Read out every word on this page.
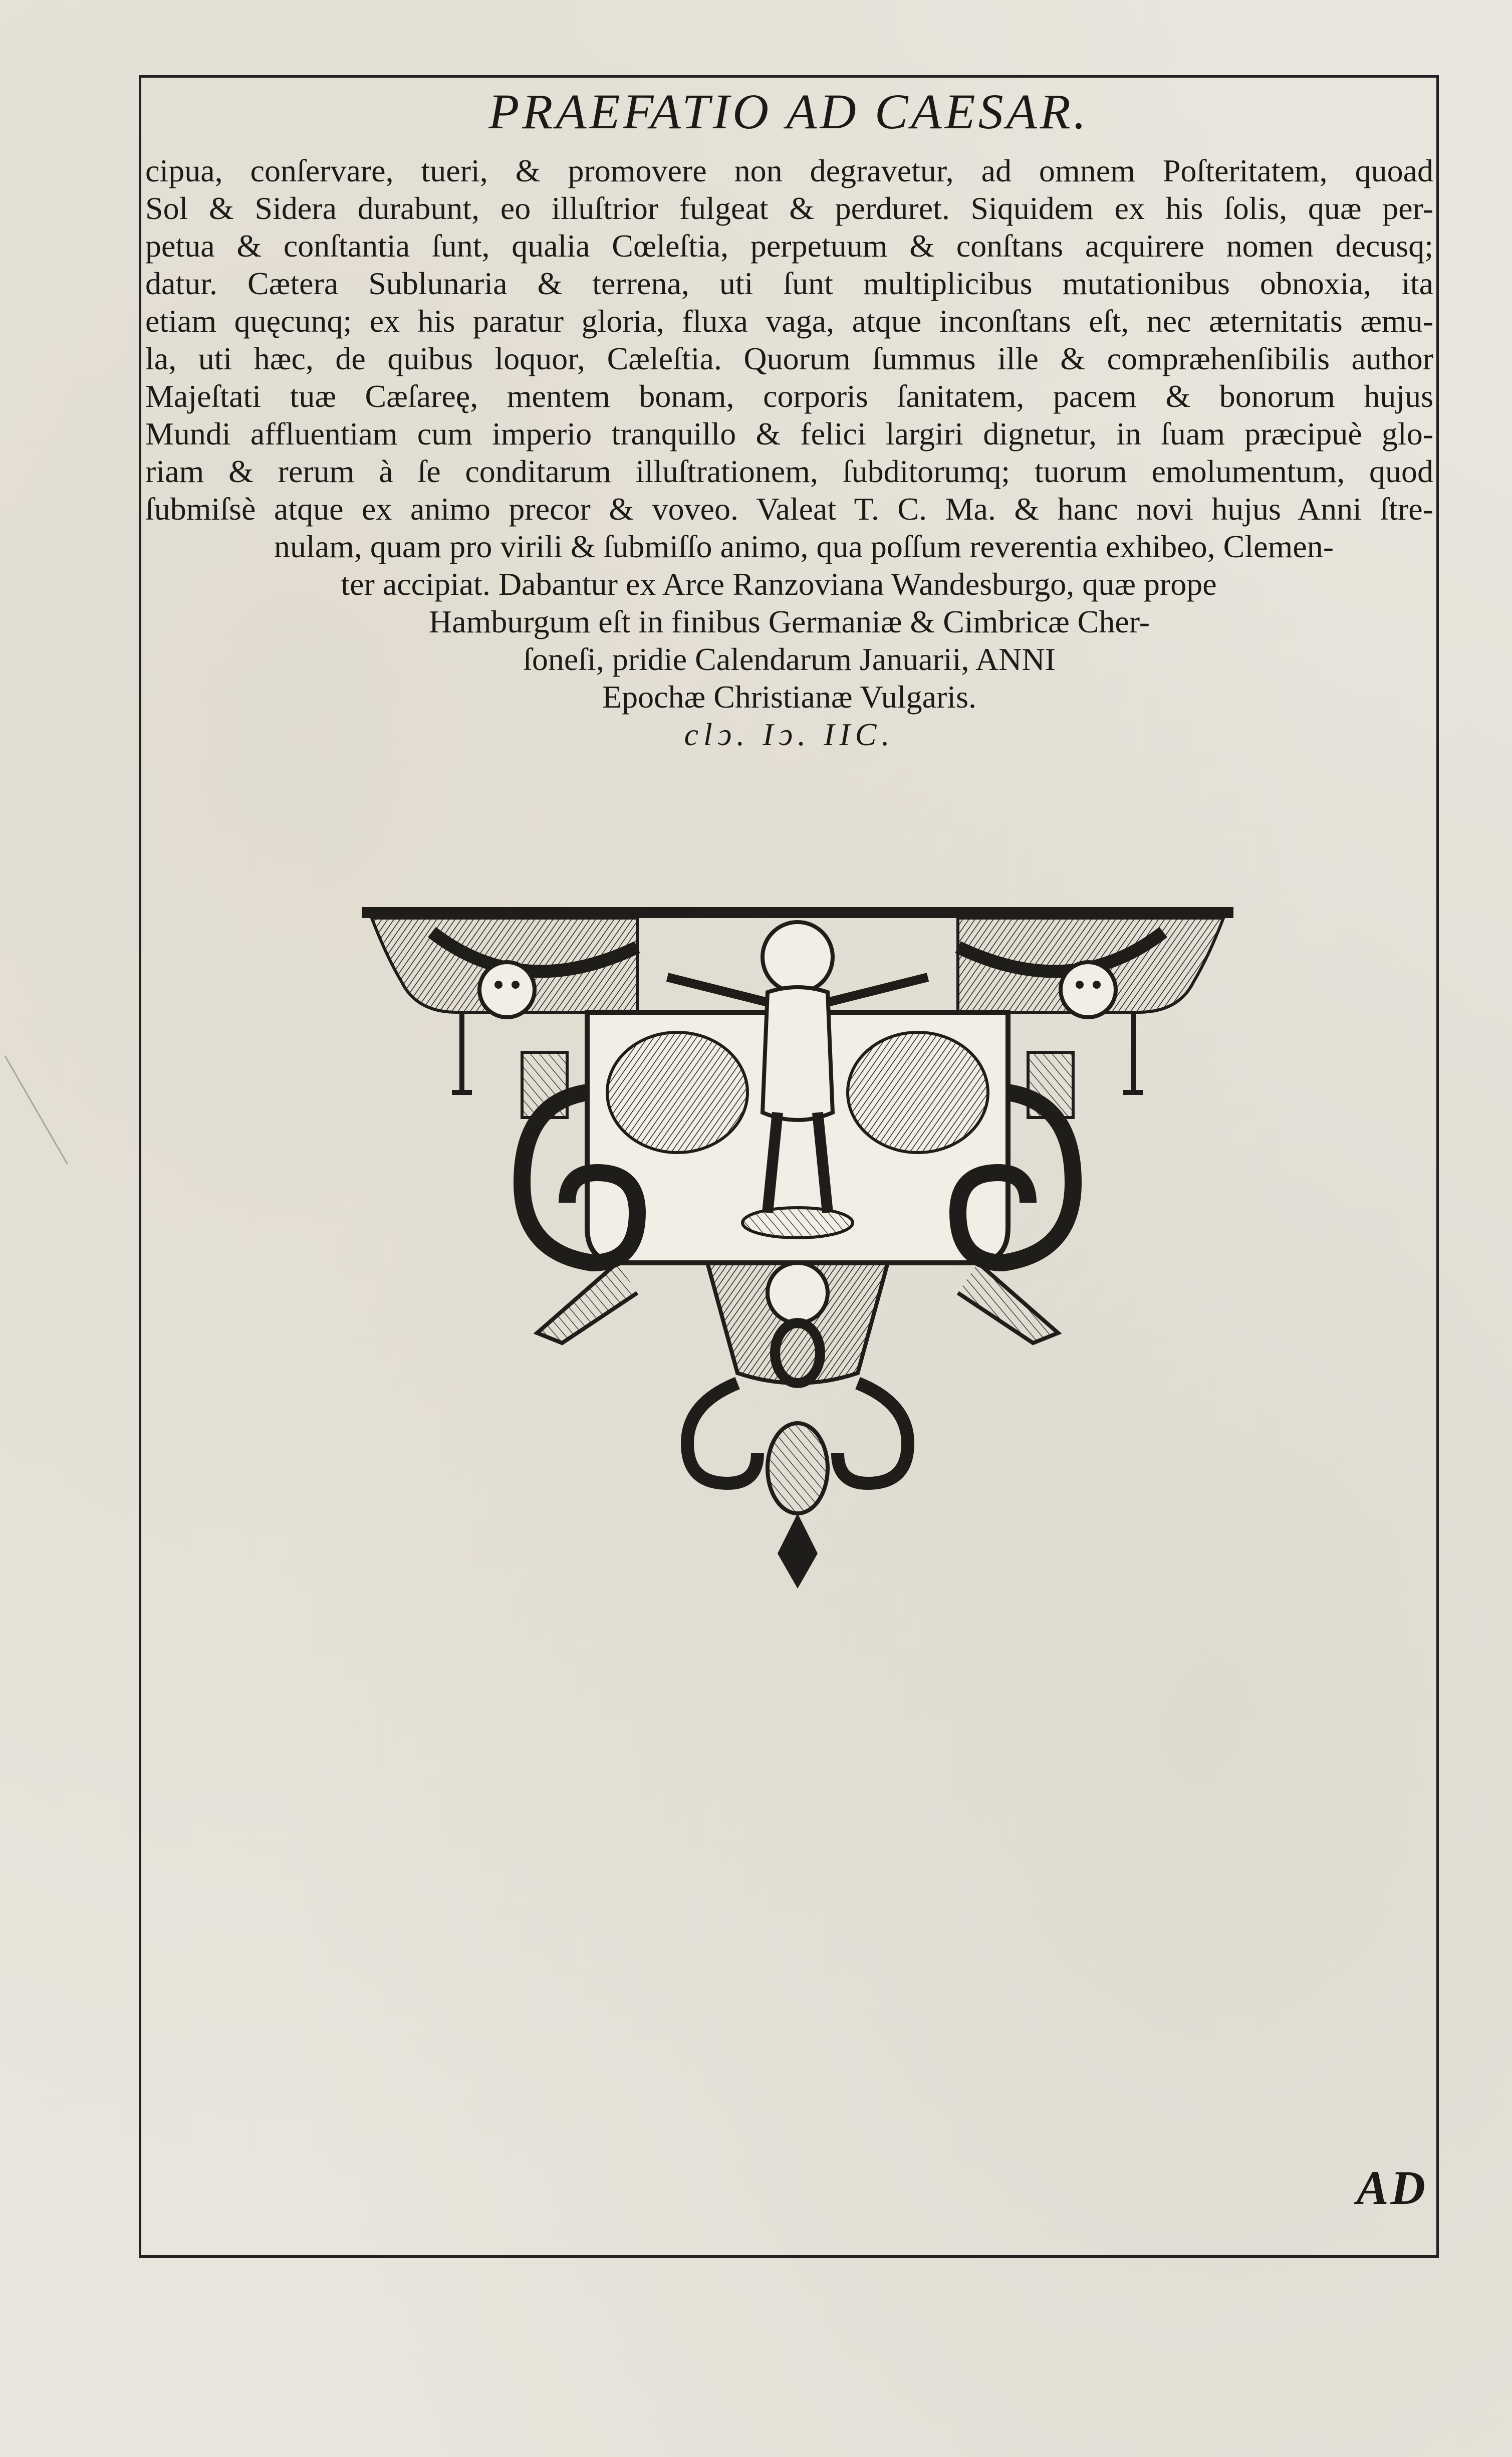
PRAEFATIO AD CAESAR.
cipua, conſervare, tueri, & promovere non degravetur, ad omnem Poſteritatem, quoad
Sol & Sidera durabunt, eo illuſtrior fulgeat & perduret. Siquidem ex his ſolis, quæ per-
petua & conſtantia ſunt, qualia Cœleſtia, perpetuum & conſtans acquirere nomen decusq;
datur. Cætera Sublunaria & terrena, uti ſunt multiplicibus mutationibus obnoxia, ita
etiam quęcunq; ex his paratur gloria, fluxa vaga, atque inconſtans eſt, nec æternitatis æmu-
la, uti hæc, de quibus loquor, Cæleſtia. Quorum ſummus ille & compræhenſibilis author
Majeſtati tuæ Cæſareę, mentem bonam, corporis ſanitatem, pacem & bonorum hujus
Mundi affluentiam cum imperio tranquillo & felici largiri dignetur, in ſuam præcipuè glo-
riam & rerum à ſe conditarum illuſtrationem, ſubditorumq; tuorum emolumentum, quod
ſubmiſsè atque ex animo precor & voveo. Valeat T. C. Ma. & hanc novi hujus Anni ſtre-
nulam, quam pro virili & ſubmiſſo animo, qua poſſum reverentia exhibeo, Clemen-
ter accipiat. Dabantur ex Arce Ranzoviana Wandesburgo, quæ prope
Hamburgum eſt in finibus Germaniæ & Cimbricæ Cher-
ſoneſi, pridie Calendarum Januarii, ANNI
Epochæ Christianæ Vulgaris.
clↄ. Iↄ. IIC.
AD
